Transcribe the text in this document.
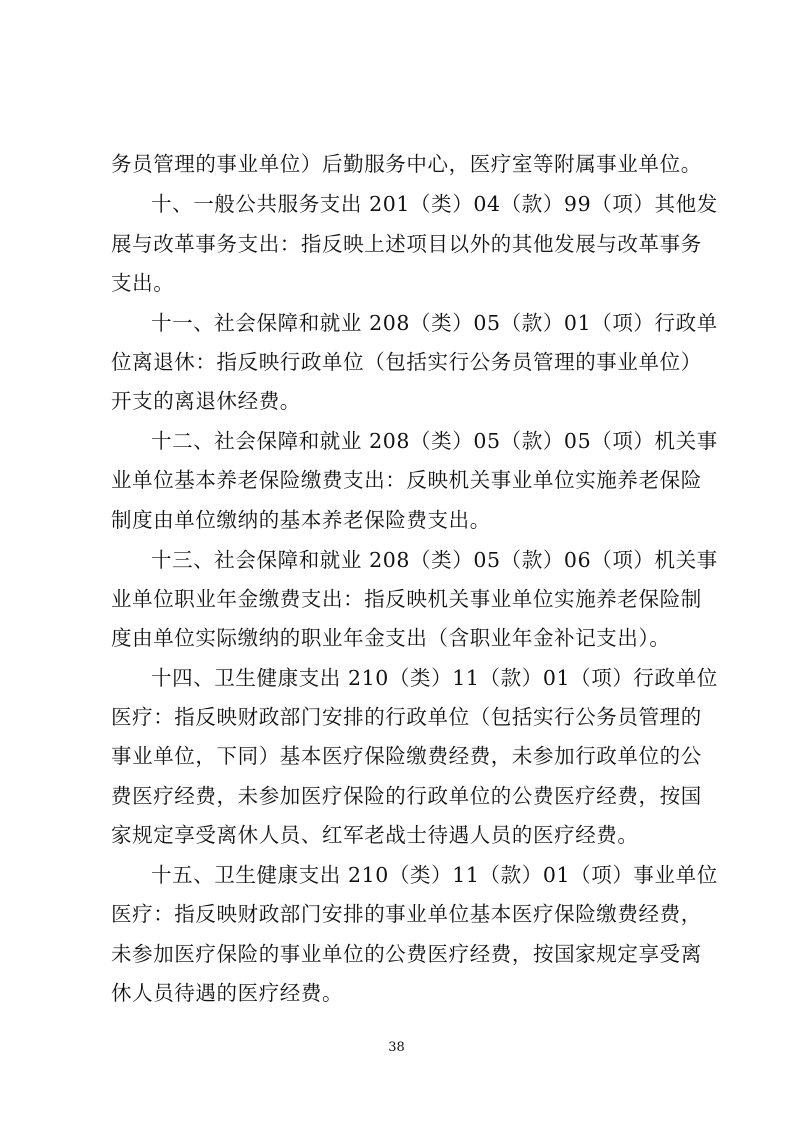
务员管理的事业单位）后勤服务中心，医疗室等附属事业单位。
十、一般公共服务支出 201（类）04（款）99（项）其他发
展与改革事务支出：指反映上述项目以外的其他发展与改革事务
支出。
十一、社会保障和就业 208（类）05（款）01（项）行政单
位离退休：指反映行政单位（包括实行公务员管理的事业单位）
开支的离退休经费。
十二、社会保障和就业 208（类）05（款）05（项）机关事
业单位基本养老保险缴费支出：反映机关事业单位实施养老保险
制度由单位缴纳的基本养老保险费支出。
十三、社会保障和就业 208（类）05（款）06（项）机关事
业单位职业年金缴费支出：指反映机关事业单位实施养老保险制
度由单位实际缴纳的职业年金支出（含职业年金补记支出）。
十四、卫生健康支出 210（类）11（款）01（项）行政单位
医疗：指反映财政部门安排的行政单位（包括实行公务员管理的
事业单位，下同）基本医疗保险缴费经费，未参加行政单位的公
费医疗经费，未参加医疗保险的行政单位的公费医疗经费，按国
家规定享受离休人员、红军老战士待遇人员的医疗经费。
十五、卫生健康支出 210（类）11（款）01（项）事业单位
医疗：指反映财政部门安排的事业单位基本医疗保险缴费经费，
未参加医疗保险的事业单位的公费医疗经费，按国家规定享受离
休人员待遇的医疗经费。
38
